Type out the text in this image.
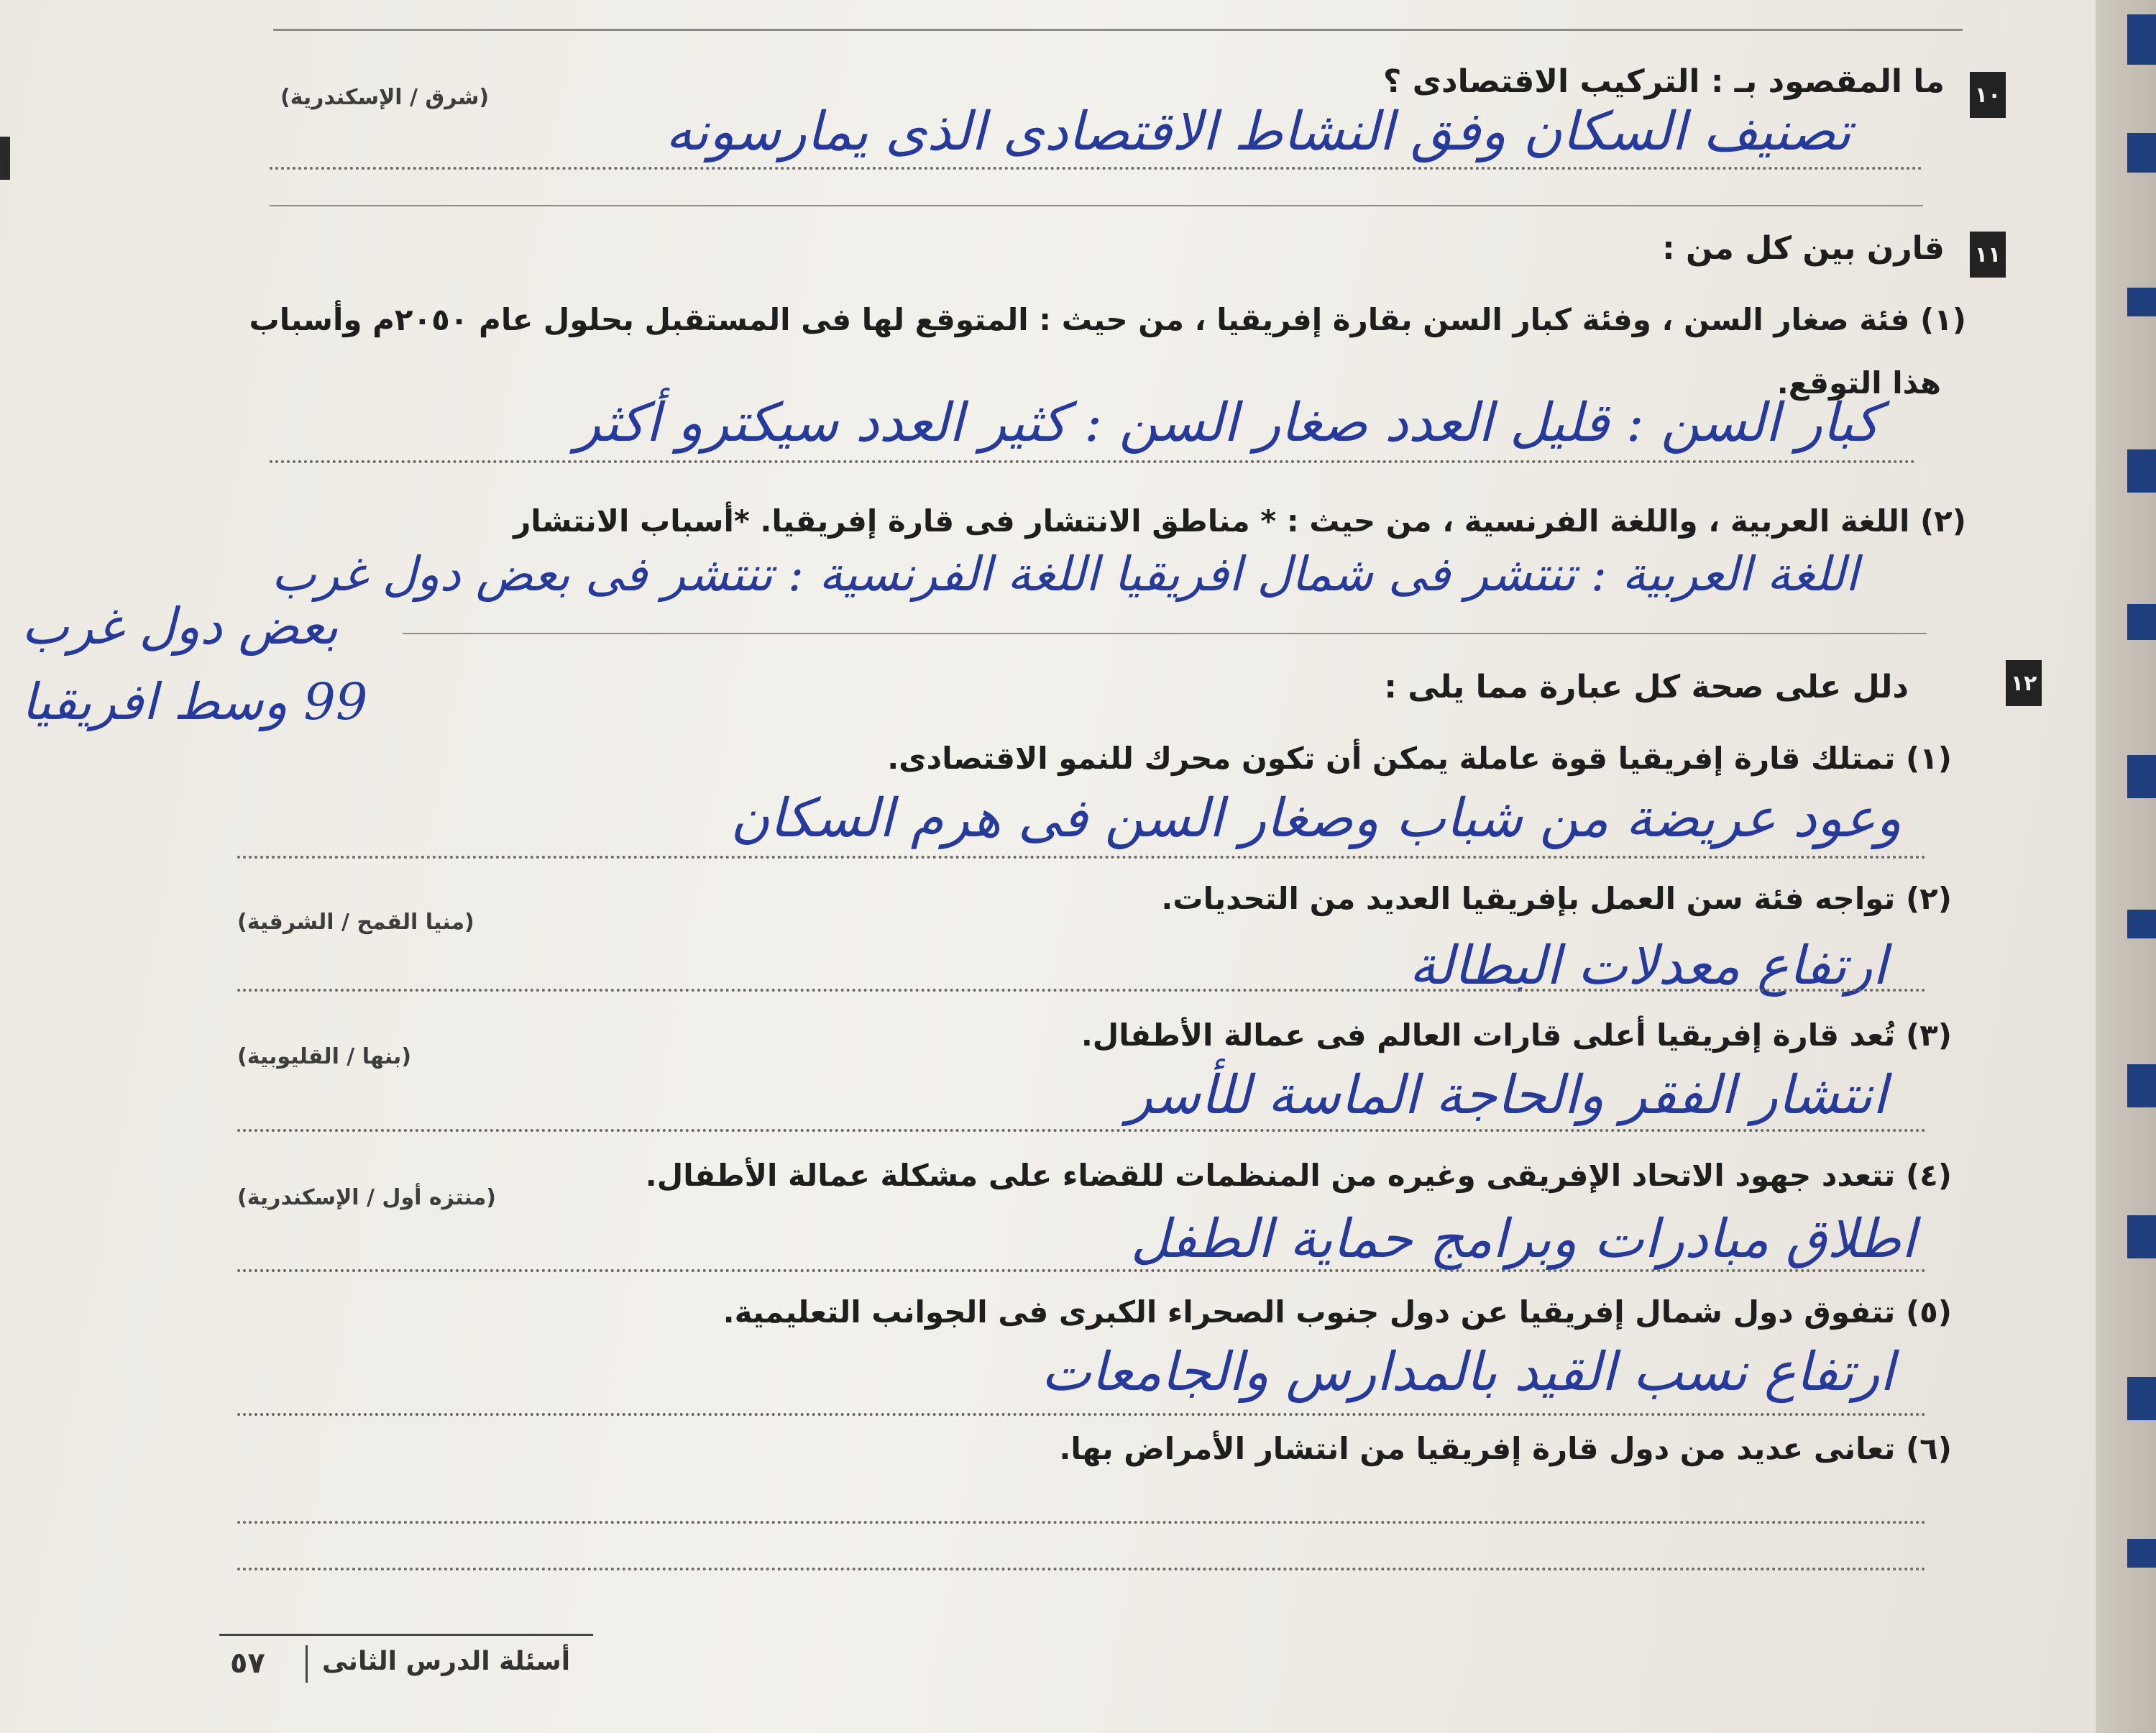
١٠
ما المقصود بـ : التركيب الاقتصادى ؟
(شرق / الإسكندرية)
تصنيف السكان وفق النشاط الاقتصادى الذى يمارسونه
١١
قارن بين كل من :
(١) فئة صغار السن ، وفئة كبار السن بقارة إفريقيا ، من حيث : المتوقع لها فى المستقبل بحلول عام ٢٠٥٠م وأسباب
هذا التوقع.
كبار السن : قليل العدد صغار السن : كثير العدد سيكترو أكثر
(٢) اللغة العربية ، واللغة الفرنسية ، من حيث : * مناطق الانتشار فى قارة إفريقيا. *أسباب الانتشار
اللغة العربية : تنتشر فى شمال افريقيا اللغة الفرنسية : تنتشر فى بعض دول غرب
بعض دول غرب
99 وسط افريقيا	١٢
دلل على صحة كل عبارة مما يلى :
(١) تمتلك قارة إفريقيا قوة عاملة يمكن أن تكون محرك للنمو الاقتصادى.
وعود عريضة من شباب وصغار السن فى هرم السكان
(٢) تواجه فئة سن العمل بإفريقيا العديد من التحديات.
(منيا القمح / الشرقية)
ارتفاع معدلات البطالة
(٣) تُعد قارة إفريقيا أعلى قارات العالم فى عمالة الأطفال.
(بنها / القليوبية)
انتشار الفقر والحاجة الماسة للأسر
(٤) تتعدد جهود الاتحاد الإفريقى وغيره من المنظمات للقضاء على مشكلة عمالة الأطفال.
(منتزه أول / الإسكندرية)
اطلاق مبادرات وبرامج حماية الطفل
(٥) تتفوق دول شمال إفريقيا عن دول جنوب الصحراء الكبرى فى الجوانب التعليمية.
ارتفاع نسب القيد بالمدارس والجامعات
(٦) تعانى عديد من دول قارة إفريقيا من انتشار الأمراض بها.
أسئلة الدرس الثانى
٥٧
